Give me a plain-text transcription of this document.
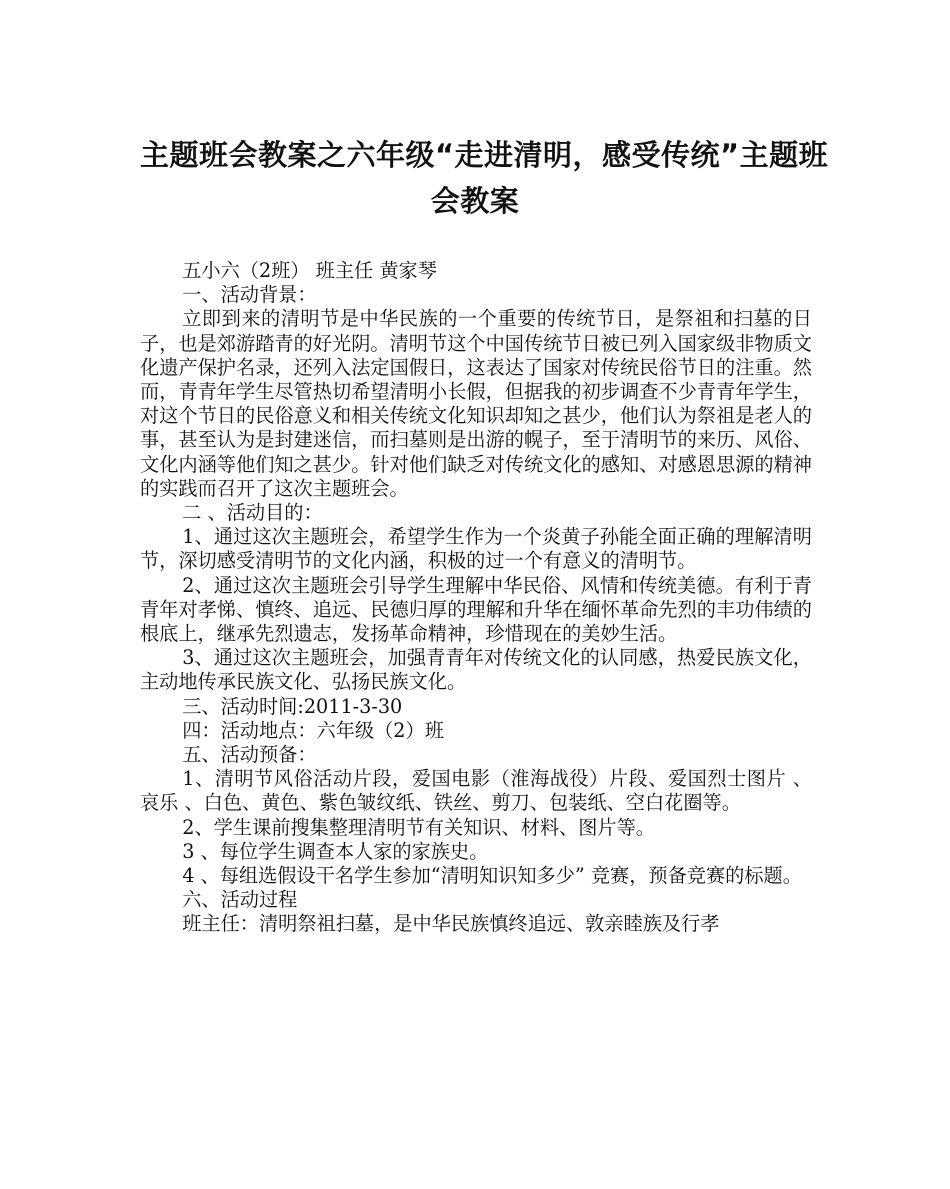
主题班会教案之六年级“走进清明，感受传统”主题班
会教案

五小六（2班） 班主任 黄家琴

一、活动背景：

立即到来的清明节是中华民族的一个重要的传统节日，是祭祖和扫墓的日子，也是郊游踏青的好光阴。清明节这个中国传统节日被已列入国家级非物质文化遗产保护名录，还列入法定国假日，这表达了国家对传统民俗节日的注重。然而，青青年学生尽管热切希望清明小长假，但据我的初步调查不少青青年学生，对这个节日的民俗意义和相关传统文化知识却知之甚少，他们认为祭祖是老人的事，甚至认为是封建迷信，而扫墓则是出游的幌子，至于清明节的来历、风俗、文化内涵等他们知之甚少。针对他们缺乏对传统文化的感知、对感恩思源的精神的实践而召开了这次主题班会。

二 、活动目的：

1、通过这次主题班会，希望学生作为一个炎黄子孙能全面正确的理解清明节，深切感受清明节的文化内涵，积极的过一个有意义的清明节。

2、通过这次主题班会引导学生理解中华民俗、风情和传统美德。有利于青青年对孝悌、慎终、追远、民德归厚的理解和升华在缅怀革命先烈的丰功伟绩的根底上，继承先烈遗志，发扬革命精神，珍惜现在的美妙生活。

3、通过这次主题班会，加强青青年对传统文化的认同感，热爱民族文化，主动地传承民族文化、弘扬民族文化。

三、活动时间:2011-3-30

四：活动地点：六年级（2）班

五、活动预备：

1、清明节风俗活动片段，爱国电影（淮海战役）片段、爱国烈士图片 、哀乐 、白色、黄色、紫色皱纹纸、铁丝、剪刀、包装纸、空白花圈等。

2、学生课前搜集整理清明节有关知识、材料、图片等。

3 、每位学生调查本人家的家族史。

4 、每组选假设干名学生参加“清明知识知多少” 竞赛，预备竞赛的标题。

六、活动过程

班主任：清明祭祖扫墓，是中华民族慎终追远、敦亲睦族及行孝
